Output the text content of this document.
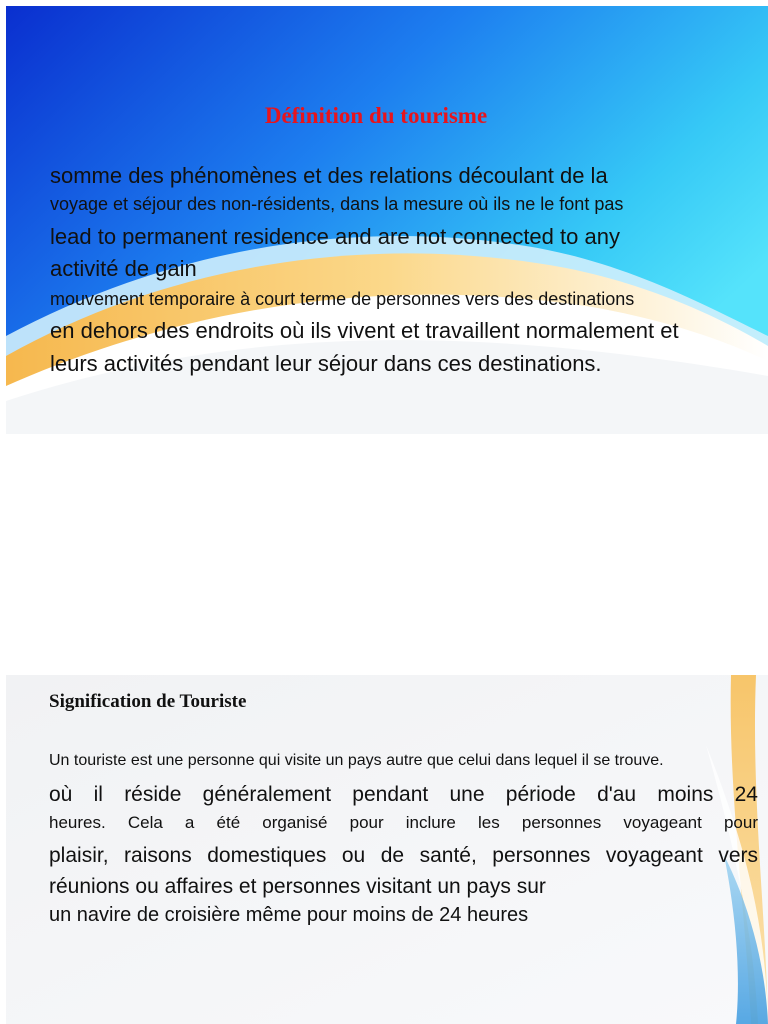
Définition du tourisme

somme des phénomènes et des relations découlant de la

voyage et séjour des non-résidents, dans la mesure où ils ne le font pas

lead to permanent residence and are not connected to any

activité de gain

mouvement temporaire à court terme de personnes vers des destinations

en dehors des endroits où ils vivent et travaillent normalement et

leurs activités pendant leur séjour dans ces destinations.

Signification de Touriste

Un touriste est une personne qui visite un pays autre que celui dans lequel il se trouve.

où il réside généralement pendant une période d'au moins 24

heures. Cela a été organisé pour inclure les personnes voyageant pour

plaisir, raisons domestiques ou de santé, personnes voyageant vers

réunions ou affaires et personnes visitant un pays sur

un navire de croisière même pour moins de 24 heures
